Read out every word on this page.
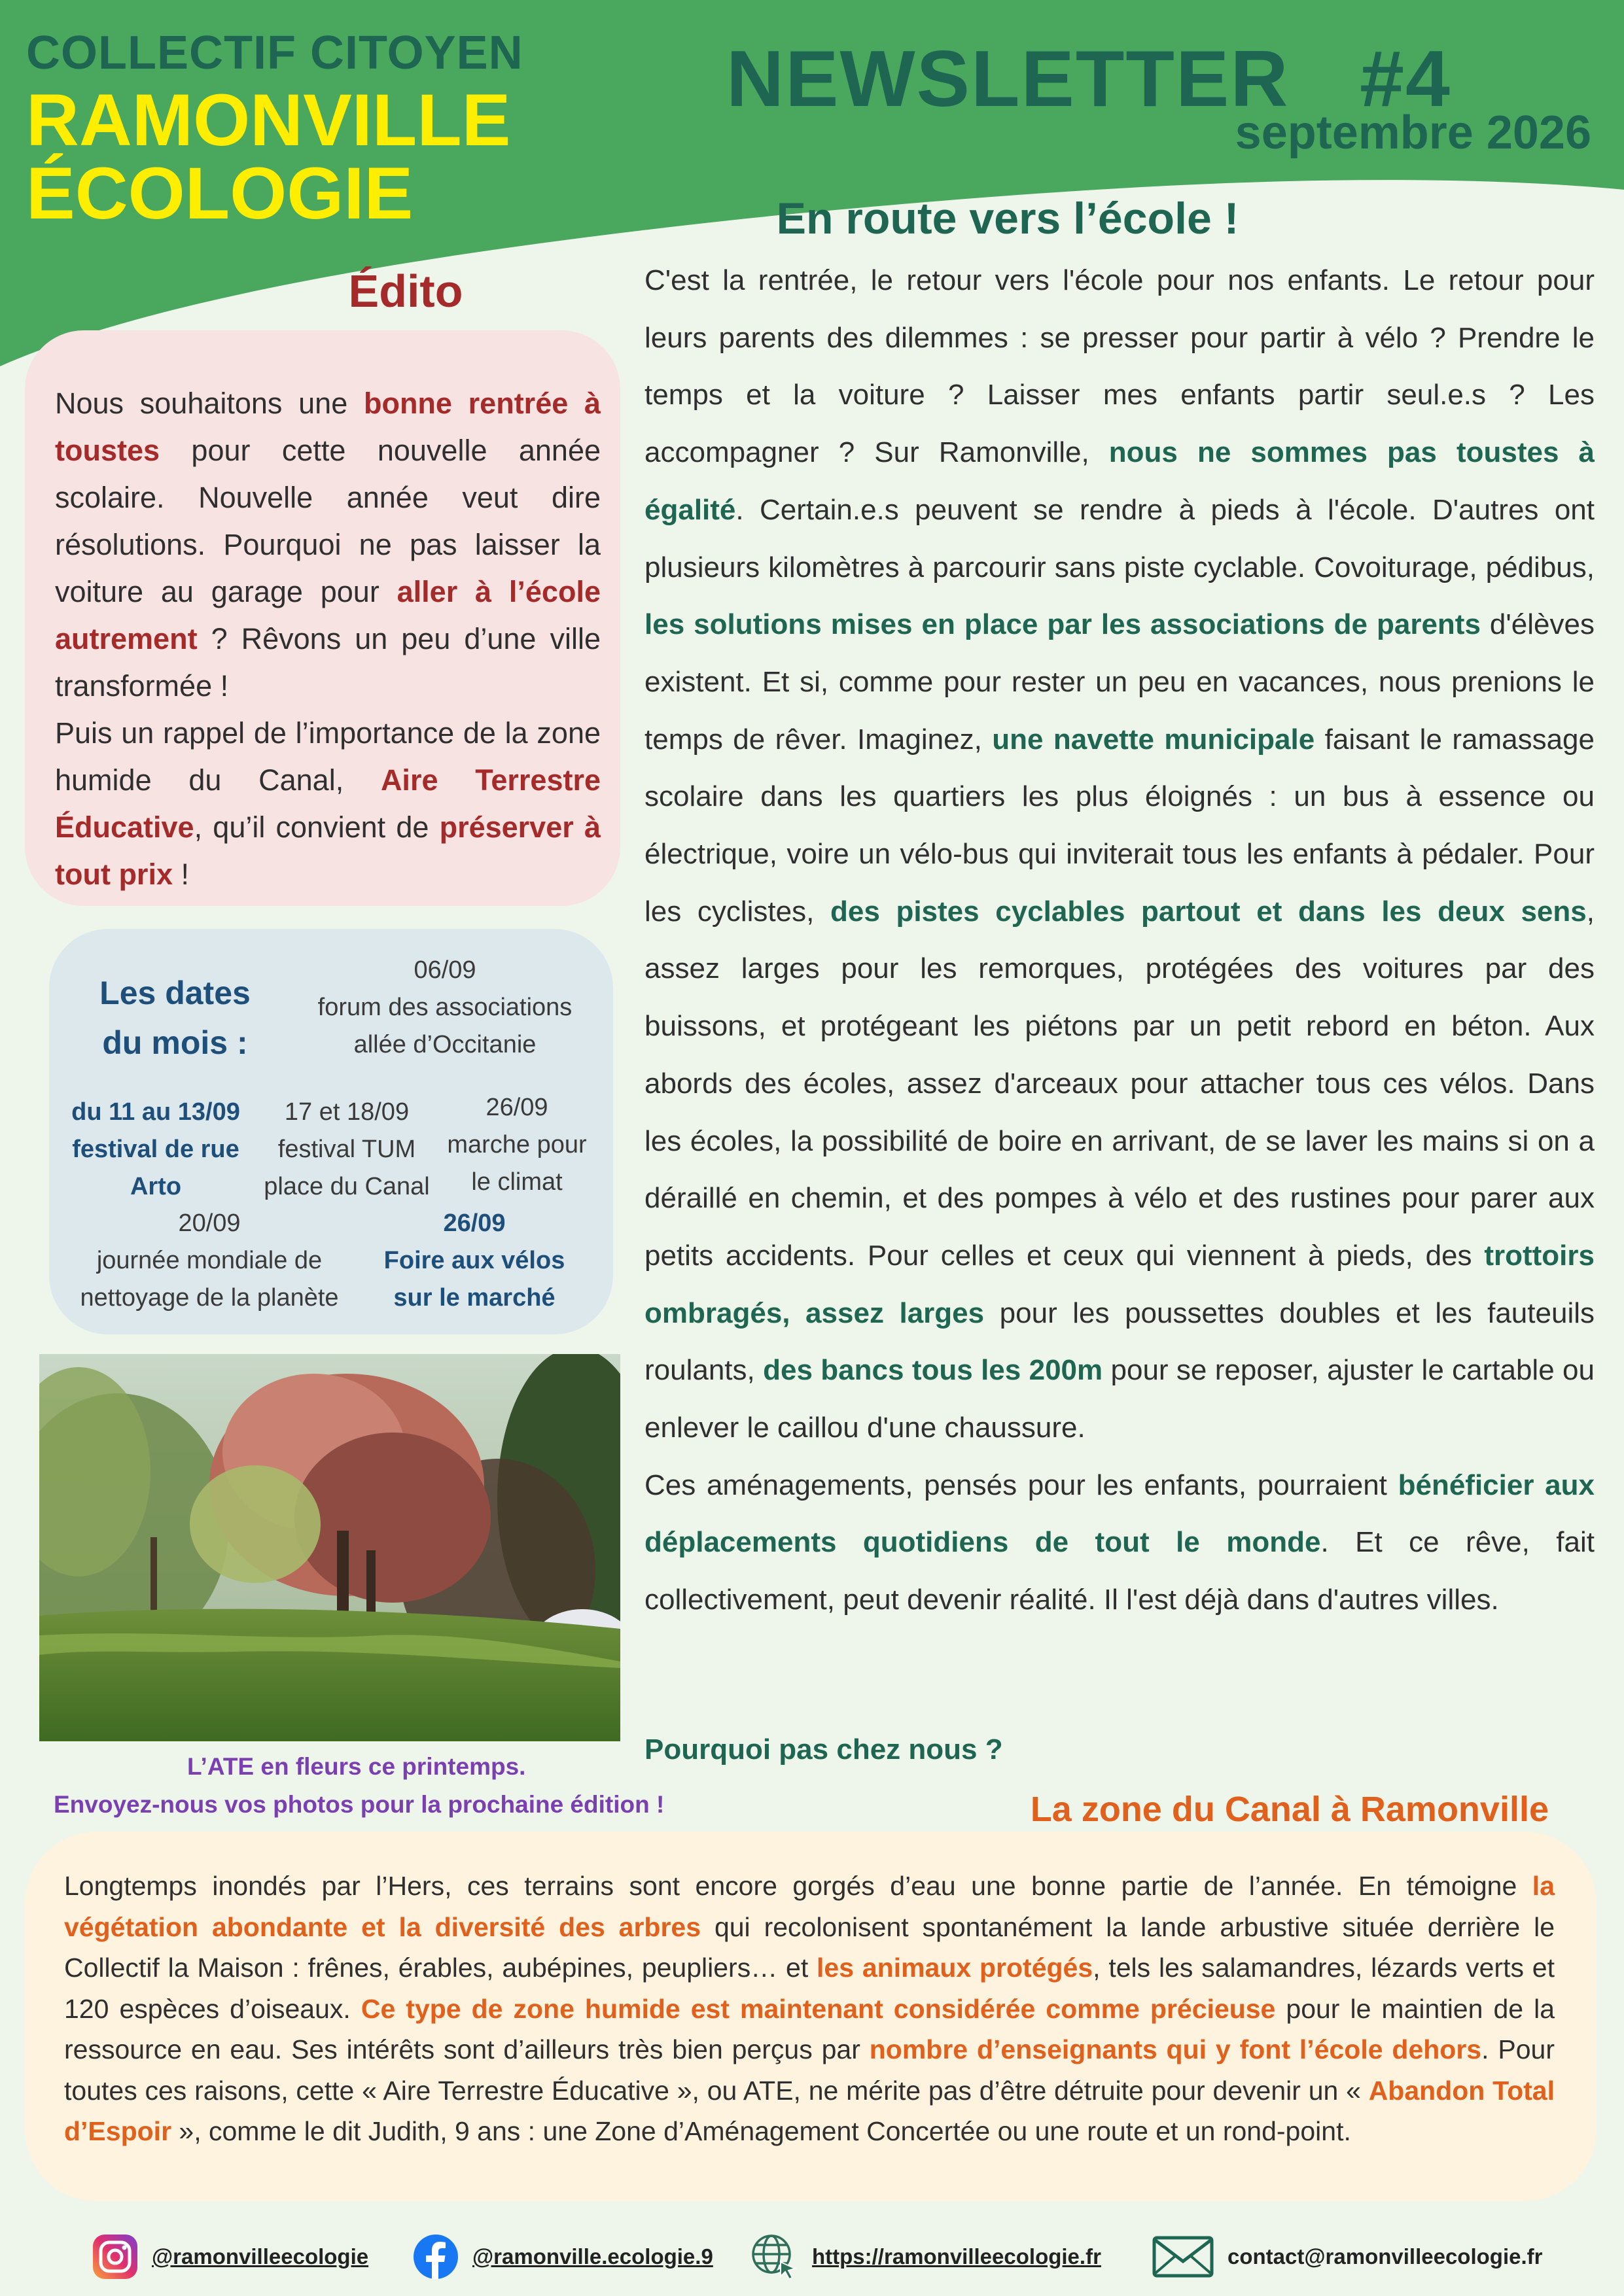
COLLECTIF CITOYEN
RAMONVILLE
ÉCOLOGIE
NEWSLETTER   #4
septembre 2026
Édito

Nous souhaitons une bonne rentrée à toustes pour cette nouvelle année scolaire. Nouvelle année veut dire résolutions. Pourquoi ne pas laisser la voiture au garage pour aller à l’école autrement ? Rêvons un peu d’une ville transformée !
Puis un rappel de l’importance de la zone humide du Canal, Aire Terrestre Éducative, qu’il convient de préserver à tout prix !

Les dates
du mois :
06/09
forum des associations
allée d’Occitanie
du 11 au 13/09
festival de rue
Arto
17 et 18/09
festival TUM
place du Canal
26/09
marche pour
le climat
20/09
journée mondiale de
nettoyage de la planète
26/09
Foire aux vélos
sur le marché
L’ATE en fleurs ce printemps.
Envoyez-nous vos photos pour la prochaine édition !
En route vers l’école !

C'est la rentrée, le retour vers l'école pour nos enfants. Le retour pour leurs parents des dilemmes : se presser pour partir à vélo ? Prendre le temps et la voiture ? Laisser mes enfants partir seul.e.s ? Les accompagner ? Sur Ramonville, nous ne sommes pas toustes à égalité. Certain.e.s peuvent se rendre à pieds à l'école. D'autres ont plusieurs kilomètres à parcourir sans piste cyclable. Covoiturage, pédibus, les solutions mises en place par les associations de parents d'élèves existent. Et si, comme pour rester un peu en vacances, nous prenions le temps de rêver. Imaginez, une navette municipale faisant le ramassage scolaire dans les quartiers les plus éloignés : un bus à essence ou électrique, voire un vélo-bus qui inviterait tous les enfants à pédaler. Pour les cyclistes, des pistes cyclables partout et dans les deux sens, assez larges pour les remorques, protégées des voitures par des buissons, et protégeant les piétons par un petit rebord en béton. Aux abords des écoles, assez d'arceaux pour attacher tous ces vélos. Dans les écoles, la possibilité de boire en arrivant, de se laver les mains si on a déraillé en chemin, et des pompes à vélo et des rustines pour parer aux petits accidents. Pour celles et ceux qui viennent à pieds, des trottoirs ombragés, assez larges pour les poussettes doubles et les fauteuils roulants, des bancs tous les 200m pour se reposer, ajuster le cartable ou enlever le caillou d'une chaussure.
Ces aménagements, pensés pour les enfants, pourraient bénéficier aux déplacements quotidiens de tout le monde. Et ce rêve, fait collectivement, peut devenir réalité. Il l'est déjà dans d'autres villes.

Pourquoi pas chez nous ?
La zone du Canal à Ramonville

Longtemps inondés par l’Hers, ces terrains sont encore gorgés d’eau une bonne partie de l’année. En témoigne la végétation abondante et la diversité des arbres qui recolonisent spontanément la lande arbustive située derrière le Collectif la Maison : frênes, érables, aubépines, peupliers… et les animaux protégés, tels les salamandres, lézards verts et 120 espèces d’oiseaux. Ce type de zone humide est maintenant considérée comme précieuse pour le maintien de la ressource en eau. Ses intérêts sont d’ailleurs très bien perçus par nombre d’enseignants qui y font l’école dehors. Pour toutes ces raisons, cette « Aire Terrestre Éducative », ou ATE, ne mérite pas d’être détruite pour devenir un « Abandon Total d’Espoir », comme le dit Judith, 9 ans : une Zone d’Aménagement Concertée ou une route et un rond-point.

@ramonvilleecologie	@ramonville.ecologie.9	https://ramonvilleecologie.fr	contact@ramonvilleecologie.fr
